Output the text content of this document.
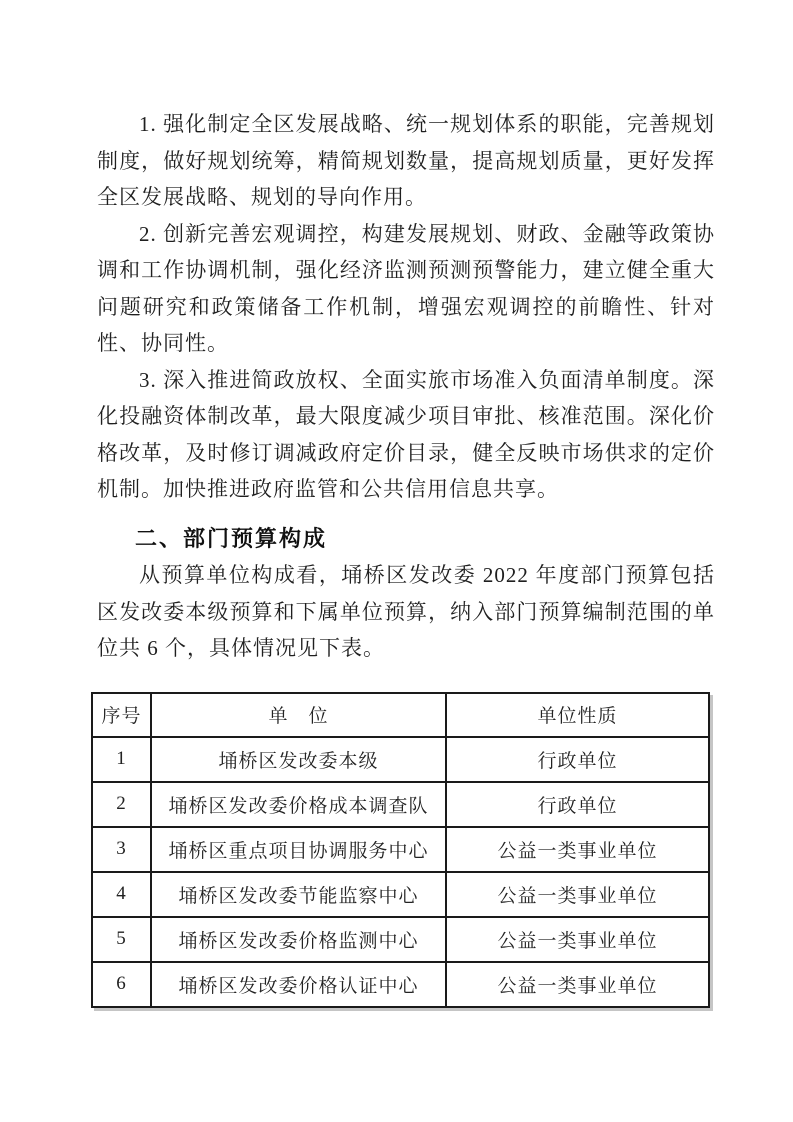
1. 强化制定全区发展战略、统一规划体系的职能，完善规划制度，做好规划统筹，精简规划数量，提高规划质量，更好发挥全区发展战略、规划的导向作用。

2. 创新完善宏观调控，构建发展规划、财政、金融等政策协调和工作协调机制，强化经济监测预测预警能力，建立健全重大问题研究和政策储备工作机制，增强宏观调控的前瞻性、针对性、协同性。

3. 深入推进简政放权、全面实旅市场准入负面清单制度。深化投融资体制改革，最大限度减少项目审批、核准范围。深化价格改革，及时修订调减政府定价目录，健全反映市场供求的定价机制。加快推进政府监管和公共信用信息共享。

二、部门预算构成

从预算单位构成看，埇桥区发改委 2022 年度部门预算包括区发改委本级预算和下属单位预算，纳入部门预算编制范围的单位共 6 个，具体情况见下表。

序号	单　位	单位性质
1	埇桥区发改委本级	行政单位
2	埇桥区发改委价格成本调查队	行政单位
3	埇桥区重点项目协调服务中心	公益一类事业单位
4	埇桥区发改委节能监察中心	公益一类事业单位
5	埇桥区发改委价格监测中心	公益一类事业单位
6	埇桥区发改委价格认证中心	公益一类事业单位
